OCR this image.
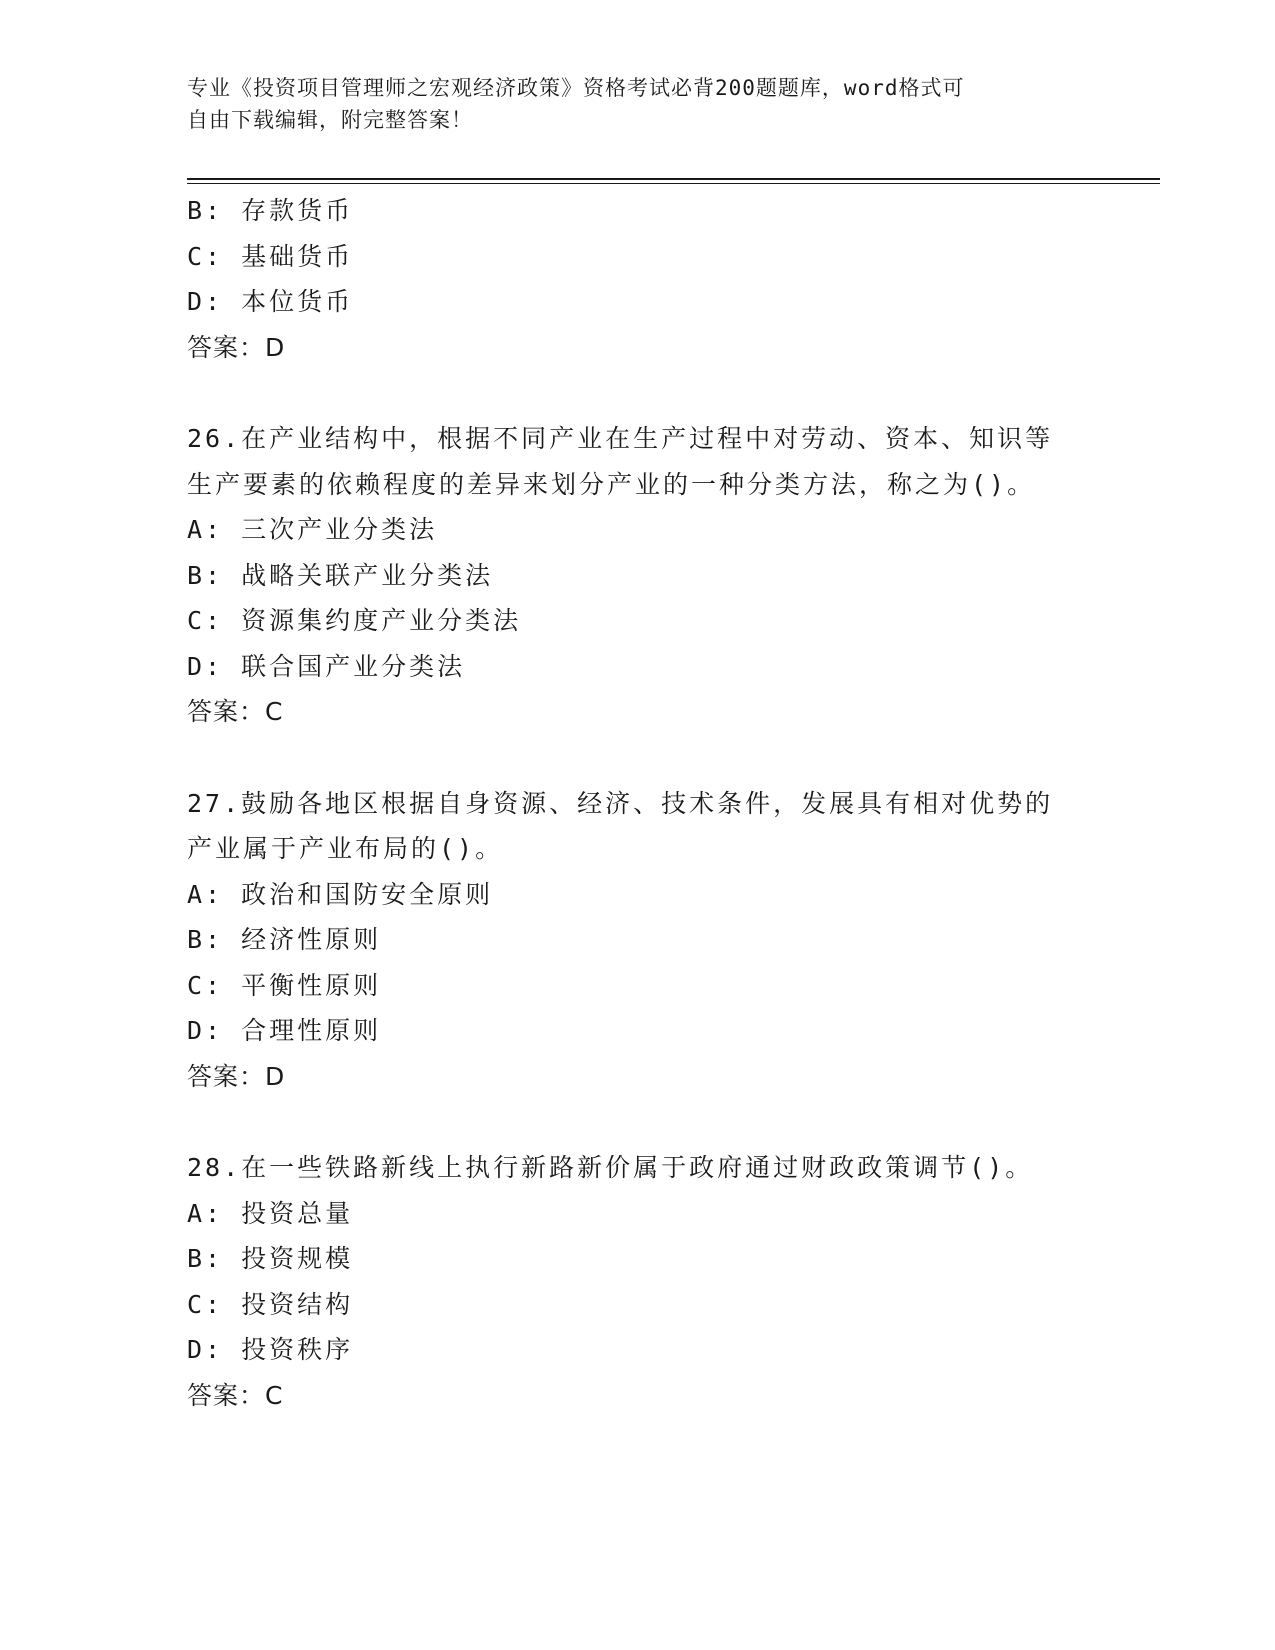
专业《投资项目管理师之宏观经济政策》资格考试必背200题题库，word格式可
自由下载编辑，附完整答案！
B: 存款货币
C: 基础货币
D: 本位货币
答案：D
26.在产业结构中，根据不同产业在生产过程中对劳动、资本、知识等
生产要素的依赖程度的差异来划分产业的一种分类方法，称之为()。
A: 三次产业分类法
B: 战略关联产业分类法
C: 资源集约度产业分类法
D: 联合国产业分类法
答案：C
27.鼓励各地区根据自身资源、经济、技术条件，发展具有相对优势的
产业属于产业布局的()。
A: 政治和国防安全原则
B: 经济性原则
C: 平衡性原则
D: 合理性原则
答案：D
28.在一些铁路新线上执行新路新价属于政府通过财政政策调节()。
A: 投资总量
B: 投资规模
C: 投资结构
D: 投资秩序
答案：C
